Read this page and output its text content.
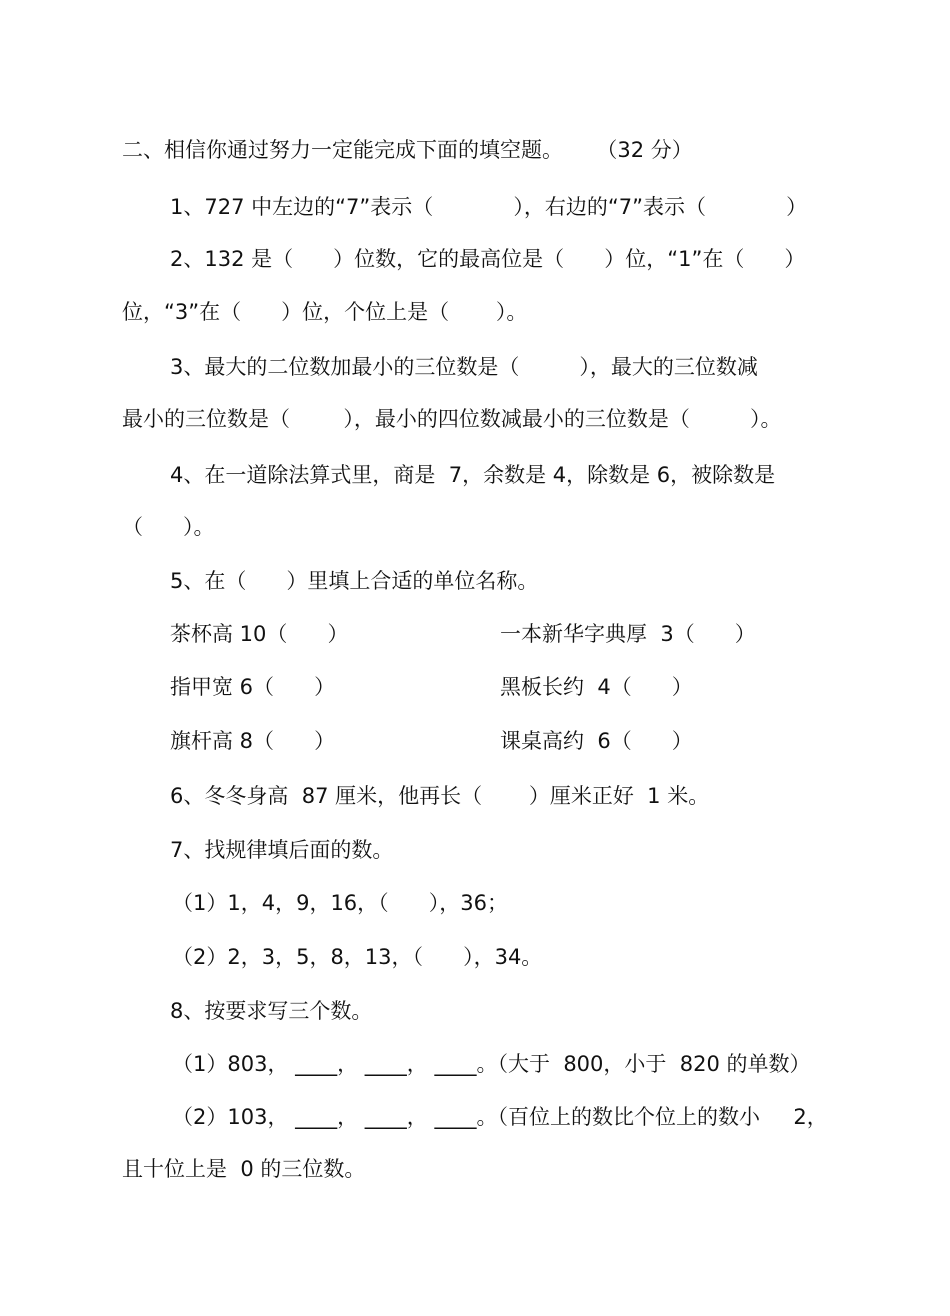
二、相信你通过努力一定能完成下面的填空题。     （32 分）
1、727 中左边的“7”表示（            ），右边的“7”表示（            ）
2、132 是（      ）位数，它的最高位是（      ）位，“1”在（      ）
位，“3”在（      ）位，个位上是（       ）。
3、最大的二位数加最小的三位数是（         ），最大的三位数减
最小的三位数是（        ），最小的四位数减最小的三位数是（         ）。
4、在一道除法算式里，商是  7，余数是 4，除数是 6，被除数是
（      ）。
5、在（      ）里填上合适的单位名称。
茶杯高 10（      ）	一本新华字典厚  3（      ）
指甲宽 6（      ）	黑板长约  4（      ）
旗杆高 8（      ）	课桌高约  6（      ）
6、冬冬身高  87 厘米，他再长（       ）厘米正好  1 米。
7、找规律填后面的数。
（1）1，4，9，16，（      ），36；
（2）2，3，5，8，13，（      ），34。
8、按要求写三个数。
（1）803， ____， ____， ____。（大于  800，小于  820 的单数）
（2）103， ____， ____， ____。（百位上的数比个位上的数小     2，
且十位上是  0 的三位数。
